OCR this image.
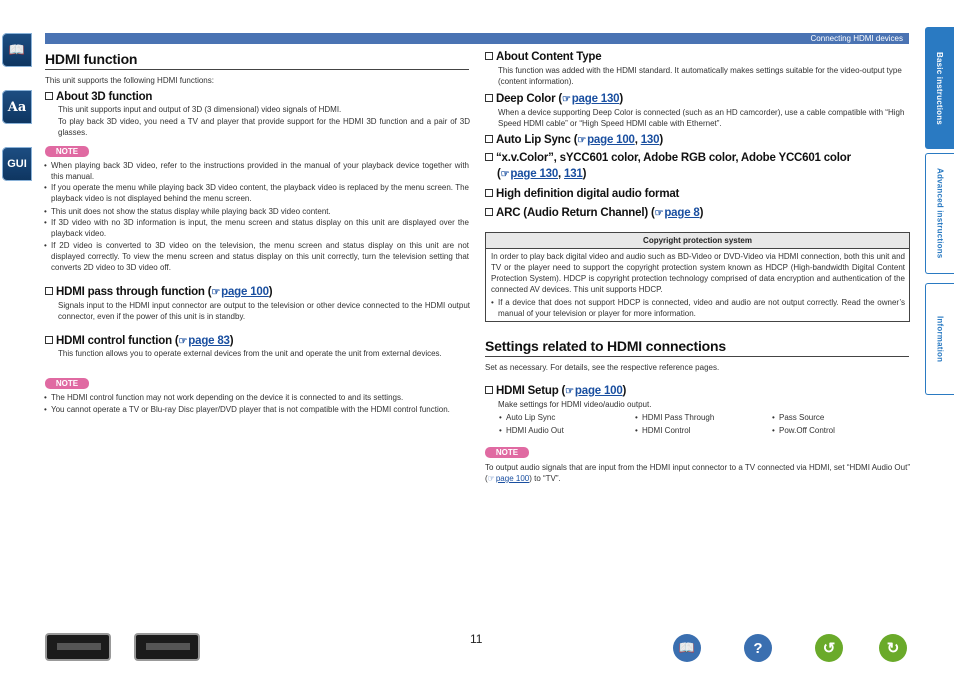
📖
Aa
GUI
Connecting HDMI devices
Basic instructions
Advanced instructions
Information
HDMI function
This unit supports the following HDMI functions:
About 3D function
This unit supports input and output of 3D (3 dimensional) video signals of HDMI.
To play back 3D video, you need a TV and player that provide support for the HDMI 3D function and a pair of 3D glasses.
NOTE
• When playing back 3D video, refer to the instructions provided in the manual of your playback device together with this manual.
• If you operate the menu while playing back 3D video content, the playback video is replaced by the menu screen. The playback video is not displayed behind the menu screen.
• This unit does not show the status display while playing back 3D video content.
• If 3D video with no 3D information is input, the menu screen and status display on this unit are displayed over the playback video.
• If 2D video is converted to 3D video on the television, the menu screen and status display on this unit are not displayed correctly. To view the menu screen and status display on this unit correctly, turn the television setting that converts 2D video to 3D video off.
HDMI pass through function (☞page 100)
Signals input to the HDMI input connector are output to the television or other device connected to the HDMI output connector, even if the power of this unit is in standby.
HDMI control function (☞page 83)
This function allows you to operate external devices from the unit and operate the unit from external devices.
NOTE
• The HDMI control function may not work depending on the device it is connected to and its settings.
• You cannot operate a TV or Blu-ray Disc player/DVD player that is not compatible with the HDMI control function.
About Content Type
This function was added with the HDMI standard. It automatically makes settings suitable for the video-output type (content information).
Deep Color (☞page 130)
When a device supporting Deep Color is connected (such as an HD camcorder), use a cable compatible with “High Speed HDMI cable” or “High Speed HDMI cable with Ethernet”.
Auto Lip Sync (☞page 100, 130)
“x.v.Color”, sYCC601 color, Adobe RGB color, Adobe YCC601 color
(☞page 130, 131)
High definition digital audio format
ARC (Audio Return Channel) (☞page 8)
Copyright protection system
In order to play back digital video and audio such as BD-Video or DVD-Video via HDMI connection, both this unit and TV or the player need to support the copyright protection system known as HDCP (High-bandwidth Digital Content Protection System). HDCP is copyright protection technology comprised of data encryption and authentication of the connected AV devices. This unit supports HDCP.
• If a device that does not support HDCP is connected, video and audio are not output correctly. Read the owner’s manual of your television or player for more information.
Settings related to HDMI connections
Set as necessary. For details, see the respective reference pages.
HDMI Setup (☞page 100)
Make settings for HDMI video/audio output.
• Auto Lip Sync	• HDMI Pass Through	• Pass Source
• HDMI Audio Out	• HDMI Control	• Pow.Off Control
NOTE
To output audio signals that are input from the HDMI input connector to a TV connected via HDMI, set “HDMI Audio Out” (☞page 100) to “TV”.
11
📖	?	↺	↻
